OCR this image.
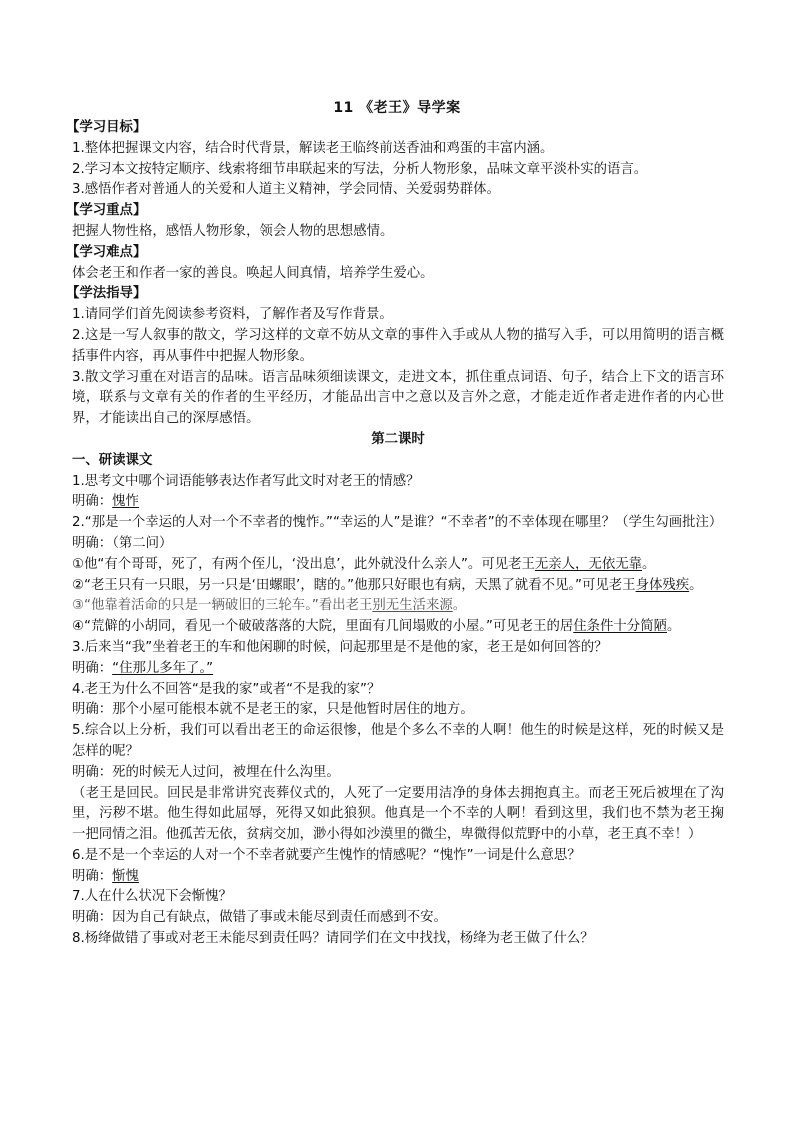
11 《老王》导学案

【学习目标】

1.整体把握课文内容，结合时代背景，解读老王临终前送香油和鸡蛋的丰富内涵。

2.学习本文按特定顺序、线索将细节串联起来的写法，分析人物形象，品味文章平淡朴实的语言。

3.感悟作者对普通人的关爱和人道主义精神，学会同情、关爱弱势群体。

【学习重点】

把握人物性格，感悟人物形象，领会人物的思想感情。

【学习难点】

体会老王和作者一家的善良。唤起人间真情，培养学生爱心。

【学法指导】

1.请同学们首先阅读参考资料，了解作者及写作背景。

2.这是一写人叙事的散文，学习这样的文章不妨从文章的事件入手或从人物的描写入手，可以用简明的语言概括事件内容，再从事件中把握人物形象。

3.散文学习重在对语言的品味。语言品味须细读课文，走进文本，抓住重点词语、句子，结合上下文的语言环境，联系与文章有关的作者的生平经历，才能品出言中之意以及言外之意，才能走近作者走进作者的内心世界，才能读出自己的深厚感悟。

第二课时

一、研读课文

1.思考文中哪个词语能够表达作者写此文时对老王的情感？

明确：愧怍

2.“那是一个幸运的人对一个不幸者的愧怍。”“幸运的人”是谁？“不幸者”的不幸体现在哪里？（学生勾画批注）

明确：（第二问）

①他“有个哥哥，死了，有两个侄儿，‘没出息’，此外就没什么亲人”。可见老王无亲人，无依无靠。

②“老王只有一只眼，另一只是‘田螺眼’，瞎的。”他那只好眼也有病，天黑了就看不见。”可见老王身体残疾。

③“他靠着活命的只是一辆破旧的三轮车。”看出老王别无生活来源。

④“荒僻的小胡同，看见一个破破落落的大院，里面有几间塌败的小屋。”可见老王的居住条件十分简陋。

3.后来当“我”坐着老王的车和他闲聊的时候，问起那里是不是他的家，老王是如何回答的？

明确：“住那儿多年了。”

4.老王为什么不回答“是我的家”或者“不是我的家”？

明确：那个小屋可能根本就不是老王的家，只是他暂时居住的地方。

5.综合以上分析，我们可以看出老王的命运很惨，他是个多么不幸的人啊！他生的时候是这样，死的时候又是怎样的呢？

明确：死的时候无人过问，被埋在什么沟里。

（老王是回民。回民是非常讲究丧葬仪式的，人死了一定要用洁净的身体去拥抱真主。而老王死后被埋在了沟里，污秽不堪。他生得如此屈辱，死得又如此狼狈。他真是一个不幸的人啊！看到这里，我们也不禁为老王掬一把同情之泪。他孤苦无依，贫病交加，渺小得如沙漠里的微尘，卑微得似荒野中的小草，老王真不幸！）

6.是不是一个幸运的人对一个不幸者就要产生愧怍的情感呢？“愧怍”一词是什么意思？

明确：惭愧

7.人在什么状况下会惭愧？

明确：因为自己有缺点，做错了事或未能尽到责任而感到不安。

8.杨绛做错了事或对老王未能尽到责任吗？请同学们在文中找找，杨绛为老王做了什么？
